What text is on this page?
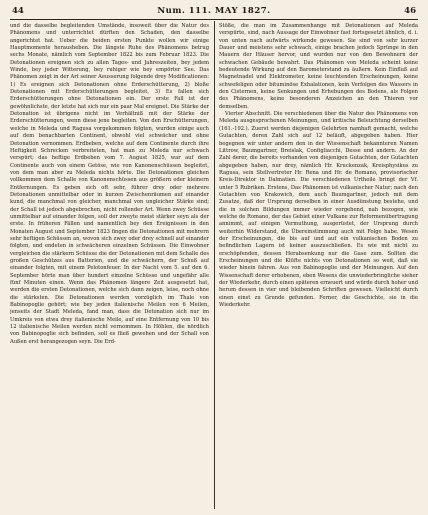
44	Num. 111. MAY 1827.	46

und die dasselbe begleitenden Umstände, insoweit über die Natur des Phänomens und unterrichtet dürften den Schaden, den dasselbe angerichtet hat. Ueber die beiden ersten Punkte wollen wir einige Hauptmomente herausheben. Die längste Ruhe des Phänomens betrug sechs Monate, nämlich vom September 1822 bis zum Februar 1823. Die Detonationen ereignen sich zu allen Tages- und Jahreszeiten, bey jedem Winde, bey jeder Witterung, bey ruhiger wie bey empörter See. Das Phänomen zeigt in der Art seiner Aeusserung folgende drey Modificationen: 1) Es ereignen sich Detonationen ohne Erderschütterung, 2) bloße Detonationen mit Erderschütterungen begleitet, 3) Es fallen sich Erderschütterungen ohne Detonationen ein. Der erste Fall ist der gewöhnlichste, der letzte hat sich nur ein paar Mal ereignet. Die Stärke der Detonation ist übrigens nicht im Verhältniß mit der Stärke der Erderschütterungen, wenn diese jene begleiten. Von den Erschütterungen, welche in Meleda und Ragusa vorgekommen folgten, wurden einige auch auf dem benachbarten Continent, obwohl viel schwächer und ohne Detonation vernommen. Erdbeben, welche auf dem Continente durch ihre Heftigkeit Schrecken verbreiteten, hat man zu Meleda nur schwach verspürt; das heftige Erdbeben vom 7. August 1825, war auf dem Continente auch von einem Getöse, wie von Kanonenschüssen begleitet, von dem man aber zu Meleda nichts hörte. Die Detonationen gleichen vollkommen dem Schalle von Kanonenschüssen aus größern oder kleinern Entfernungen. Es geben sich oft sehr, führer drey oder mehrere Detonationen unmittelbar oder in kurzen Zwischenräumen auf einander kund, die manchmal von gleicher, manchmal von ungleicher Stärke sind; der Schall ist jedoch abgebrochen, nicht rollender Art. Wenn zwey Schüsse unmittelbar auf einander folgen, soll der zweyte meist stärker seyn als der erste. In früheren Fällen und namentlich bey den Ereignissen in den Monaten August und September 1823 fingen die Detonationen mit mehrern sehr heftigen Schüssen an, wovon sich zwey oder drey schnell auf einander folgten, und endeten in schwächeren einzelnen Schüssen. Die Einwohner vergleichen die stärkern Schüsse die der Detonationen mit dem Schalle des großen Geschützes aus Batterien, und die schwächern, der Schuß auf einander folgten, mit einem Pelotonfeuer. In der Nacht vom 5. auf den 6. September hörte man über hundert einzelne Schüsse und ungefähr alle fünf Minuten einen. Wenn das Phänomen längere Zeit ausgesetzt hat, werden die ersten Detonationen, welche sich dann zeigen, leise, noch ohne die stärksten. Die Detonationen werden vorzüglich im Thale von Babinopoglie gehört; wie bey jeden italienische Meilen von 6 Meilen, jenseits der Stadt Meleda, fand man, dass die Detonation sich nur im Umkreis von etwa drey italienische Meile, auf eine Entfernung von 10 bis 12 italienische Meilen werden nicht vernommen. In Höhlen, die nördlich von Babinopoglie sich befinden, soll es fließ gewehen und der Schall von Außen erst herangezogen seyn. Die Erd-

Stöße, die man im Zusammenhange mit Detonationen auf Meleda verspürte, sind, nach Aussage der Einwohner fast fortsgesetzt ähnlich, d. i. von unten nach aufwärts wirkende gewesen. Sie sind von sehr kurzer Dauer und meistens sehr schwach, einige brachen jedoch Sprünge in den Mauern der Häuser hervor, und wurden nur von den Bewohnern der schwachen Gebäude bewahrt. Das Phänomen von Meleda scheint keine bedeutende Wirkung auf den Barometerstand zu äußern. Kein Einfluß auf Magnetnadel und Elektrometer, keine leuchtenden Erscheinungen, keine schwefeligen oder bituminöse Exhalationen, kein Verfolgen des Wassers in den Cisternen, keine Senkungen und Erhebungen des Bodens, als Folgen des Phänomens, keine besonderen Anzeichen an den Thieren vor demselben.

Vierter Abschnitt. Die verschiedenen über die Natur des Phänomens von Meleda ausgesprochenen Meinungen, und kritische Beleuchtung derselben (161.-192.). Zuerst werden diejenigen Gelehrten namhaft gemacht, welche Gutachten, deren Zahl sich auf 12 beläuft, abgegeben haben. Hier begegnen wir unter andern den in der Wissenschaft bekannteren Namen Littrow, Baumgartner, Breislak, Configliacchi, Desse und andern. An der Zahl derer, die bereits vorhanden von diejenigen Gutachten, der Gutachten abgegeben haben, nur drey, nämlich Hr. Kruckenzak, Kreisphysikus zu Ragusa, sein Stellvertreter Hr. Rena und Hr. de Romano, provisorischer Kreis-Direktor in Dalmatien. Die verschiedenen Urtheile bringt der Vf. unter 5 Rubriken. Erstens, Das Phänomen ist vulkanischer Natur; nach den Gutachten von Krakowich, dem auch Baumgartner, jedoch mit dem Zusatze, daß der Ursprung derselben in einer Ausdünstung bestehe, und die in solchen Bildungen immer wieder vorgehend, nah bezogen, wie welche de Romano, der das Gebiet einer Vulkane zur Reformenübertragung annimmt, auf einigen Vermuthung, ausgerüstet, der Ursprung durch weiterhin Widerstand, die Übereinstimmung auch mit Folge habe. Wesen der Erscheinungen, die bis auf und auf ein vulkanischen Boden zu befindlichen Lagern ist keiner auszuschließen. Es wie mit nicht zu erschöpfenden, dessen Herabsenkung nur die Gase zum. Sollten die Erscheinungen und die Klüfte nichts von Detonationen so weit, daß sie wieder hinein fahren. Aus von Babinopoglie und der Meinungen. Auf den Wissenschaft derer erhobenen, eben Wesens die unwiederbringliche sieher der Wiederkehr, durch einen späteren erneuert und würde durch hoher und herum dessen in vier und bleibenden Schriften gewesen. Vielleicht durch einen einst zu Grunde gefunden. Ferner, die Geschichte, sie in die Wiederkehr.
